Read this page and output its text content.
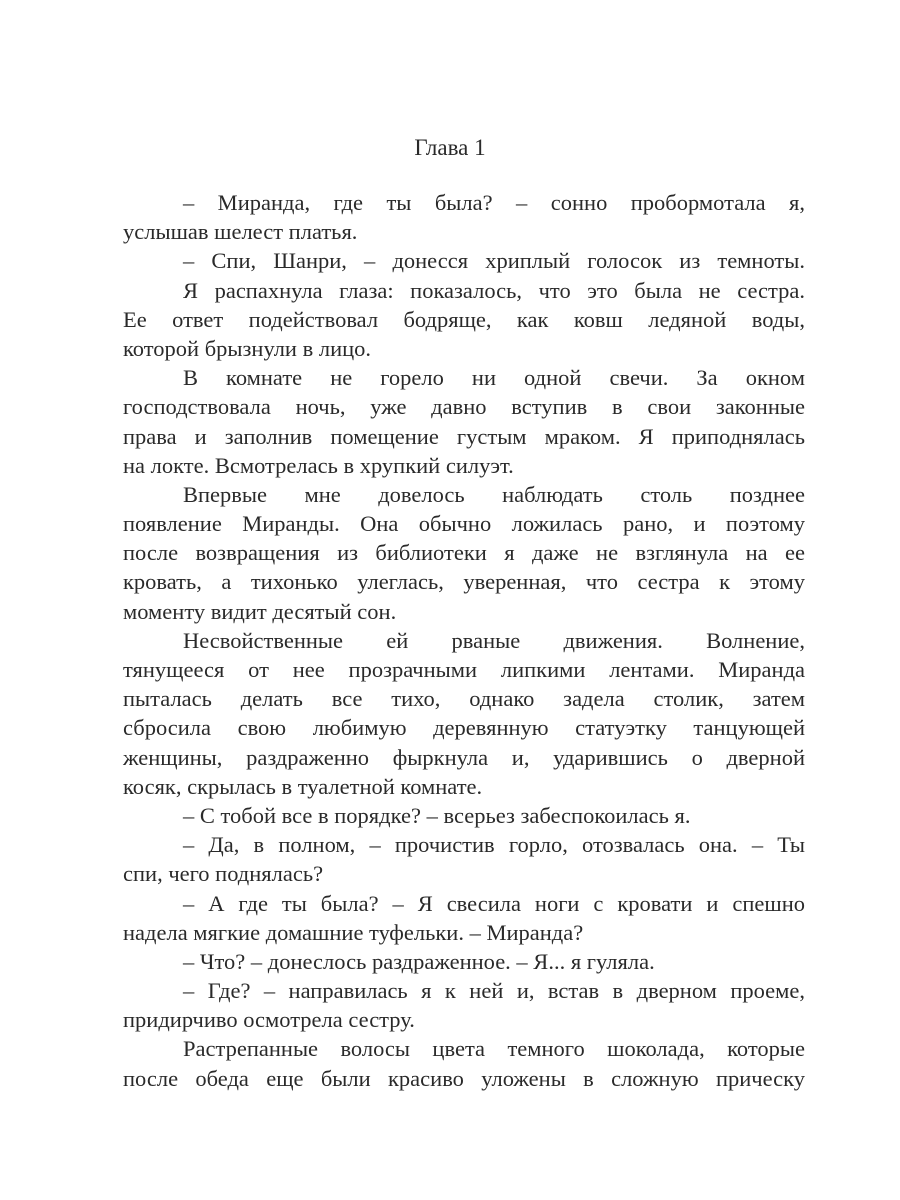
Глава 1
– Миранда, где ты была? – сонно пробормотала я,
услышав шелест платья.
– Спи, Шанри, – донесся хриплый голосок из темноты.
Я распахнула глаза: показалось, что это была не сестра.
Ее ответ подействовал бодряще, как ковш ледяной воды,
которой брызнули в лицо.
В комнате не горело ни одной свечи. За окном
господствовала ночь, уже давно вступив в свои законные
права и заполнив помещение густым мраком. Я приподнялась
на локте. Всмотрелась в хрупкий силуэт.
Впервые мне довелось наблюдать столь позднее
появление Миранды. Она обычно ложилась рано, и поэтому
после возвращения из библиотеки я даже не взглянула на ее
кровать, а тихонько улеглась, уверенная, что сестра к этому
моменту видит десятый сон.
Несвойственные ей рваные движения. Волнение,
тянущееся от нее прозрачными липкими лентами. Миранда
пыталась делать все тихо, однако задела столик, затем
сбросила свою любимую деревянную статуэтку танцующей
женщины, раздраженно фыркнула и, ударившись о дверной
косяк, скрылась в туалетной комнате.
– С тобой все в порядке? – всерьез забеспокоилась я.
– Да, в полном, – прочистив горло, отозвалась она. – Ты
спи, чего поднялась?
– А где ты была? – Я свесила ноги с кровати и спешно
надела мягкие домашние туфельки. – Миранда?
– Что? – донеслось раздраженное. – Я... я гуляла.
– Где? – направилась я к ней и, встав в дверном проеме,
придирчиво осмотрела сестру.
Растрепанные волосы цвета темного шоколада, которые
после обеда еще были красиво уложены в сложную прическу
